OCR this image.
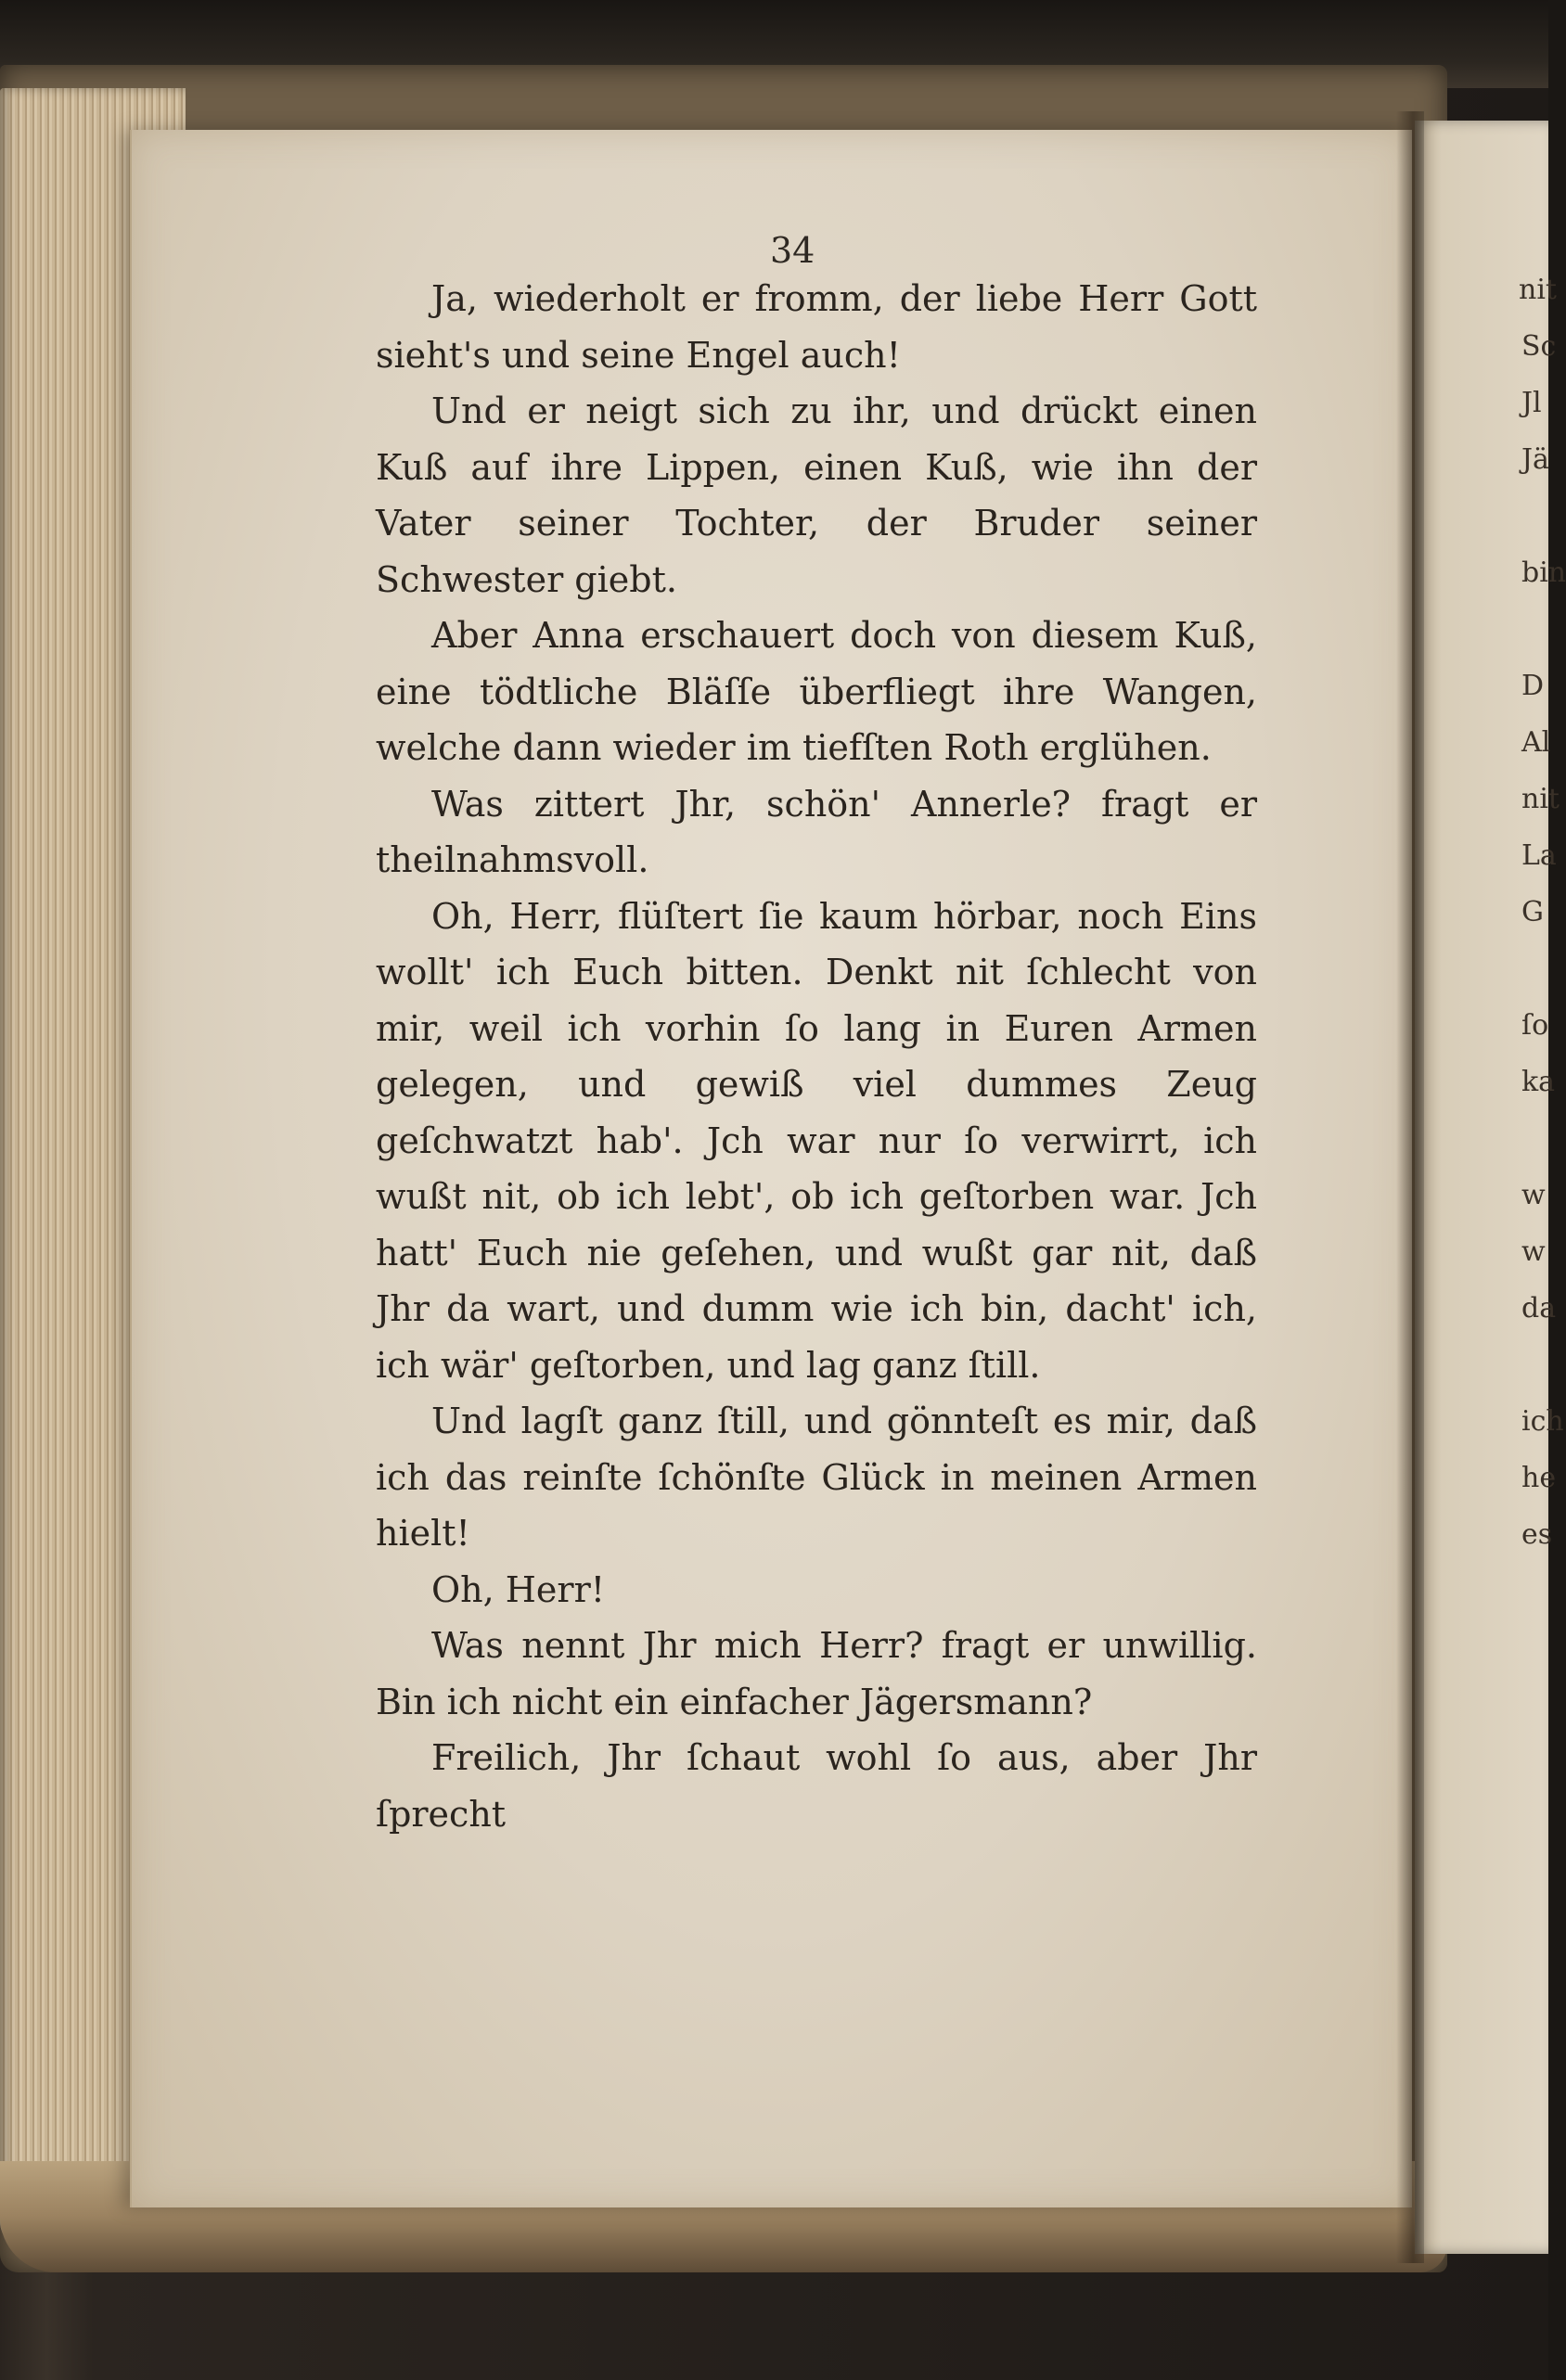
nit
Sc
Jl
Jä
bin
D
Al
nit
La
G
ſo
ka
w
w
da
ich
he
es
34

Ja, wiederholt er fromm, der liebe Herr Gott sieht's und seine Engel auch!

Und er neigt sich zu ihr, und drückt einen Kuß auf ihre Lippen, einen Kuß, wie ihn der Vater seiner Tochter, der Bruder seiner Schwester giebt.

Aber Anna erschauert doch von diesem Kuß, eine tödtliche Bläſſe überfliegt ihre Wangen, welche dann wieder im tiefſten Roth erglühen.

Was zittert Jhr, schön' Annerle? fragt er theilnahmsvoll.

Oh, Herr, flüſtert ſie kaum hörbar, noch Eins wollt' ich Euch bitten. Denkt nit ſchlecht von mir, weil ich vorhin ſo lang in Euren Armen gelegen, und gewiß viel dummes Zeug geſchwatzt hab'. Jch war nur ſo verwirrt, ich wußt nit, ob ich lebt', ob ich geſtorben war. Jch hatt' Euch nie geſehen, und wußt gar nit, daß Jhr da wart, und dumm wie ich bin, dacht' ich, ich wär' geſtorben, und lag ganz ſtill.

Und lagſt ganz ſtill, und gönnteſt es mir, daß ich das reinſte ſchönſte Glück in meinen Armen hielt!

Oh, Herr!

Was nennt Jhr mich Herr? fragt er unwillig. Bin ich nicht ein einfacher Jägersmann?

Freilich, Jhr ſchaut wohl ſo aus, aber Jhr ſprecht
